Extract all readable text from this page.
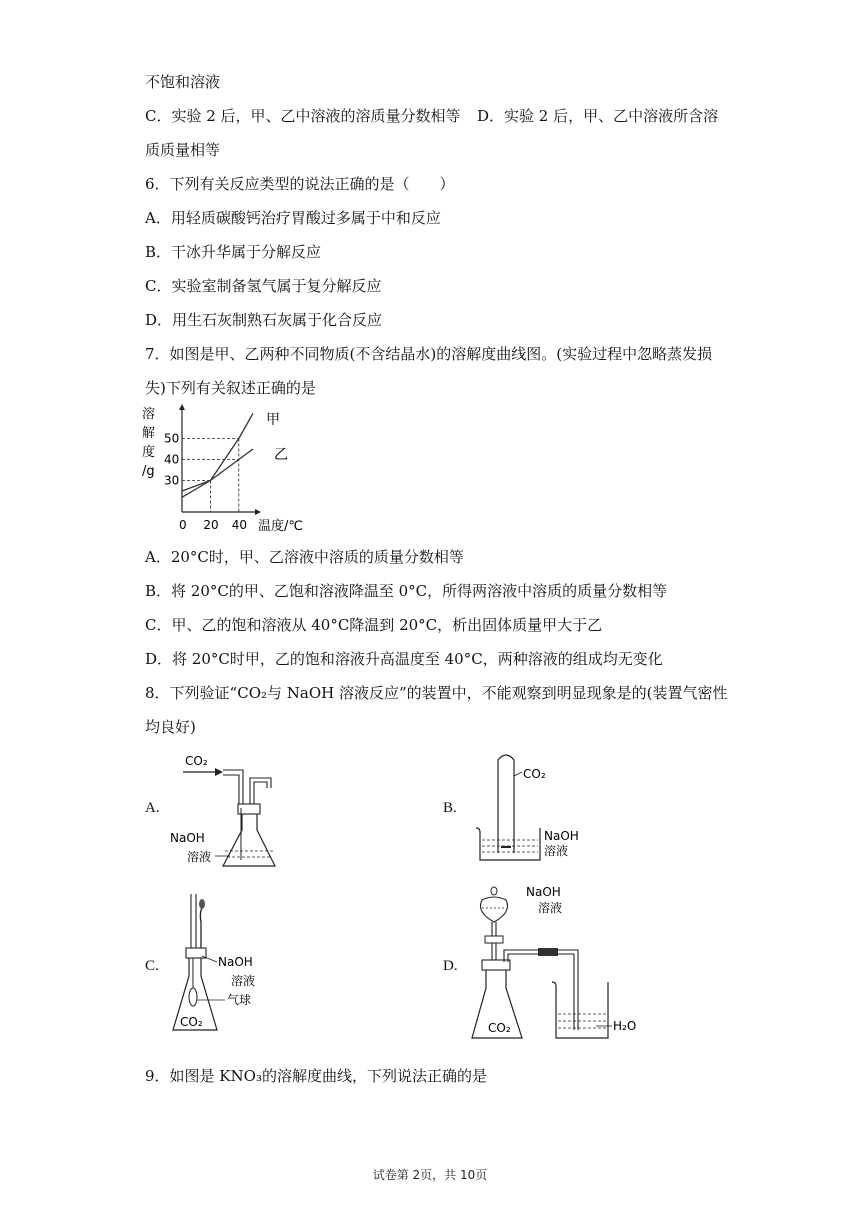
不饱和溶液
C．实验 2 后，甲、乙中溶液的溶质量分数相等 D．实验 2 后，甲、乙中溶液所含溶
质质量相等
6．下列有关反应类型的说法正确的是（　　）
A．用轻质碳酸钙治疗胃酸过多属于中和反应
B．干冰升华属于分解反应
C．实验室制备氢气属于复分解反应
D．用生石灰制熟石灰属于化合反应
7．如图是甲、乙两种不同物质(不含结晶水)的溶解度曲线图。(实验过程中忽略蒸发损
失)下列有关叙述正确的是
溶
解
度
/g
温度/℃
0 20 40
30
40
50
甲
乙
A．20°C时，甲、乙溶液中溶质的质量分数相等
B．将 20°C的甲、乙饱和溶液降温至 0°C，所得两溶液中溶质的质量分数相等
C．甲、乙的饱和溶液从 40°C降温到 20°C，析出固体质量甲大于乙
D．将 20°C时甲，乙的饱和溶液升高温度至 40°C，两种溶液的组成均无变化
8．下列验证“CO₂与 NaOH 溶液反应”的装置中，不能观察到明显现象是的(装置气密性
均良好)
A.
CO₂
NaOH
溶液
B.
CO₂
NaOH
溶液
C.	NaOH
溶液
气球
CO₂
D.
NaOH
溶液
CO₂	H₂O
9．如图是 KNO₃的溶解度曲线，下列说法正确的是
试卷第 2页，共 10页
